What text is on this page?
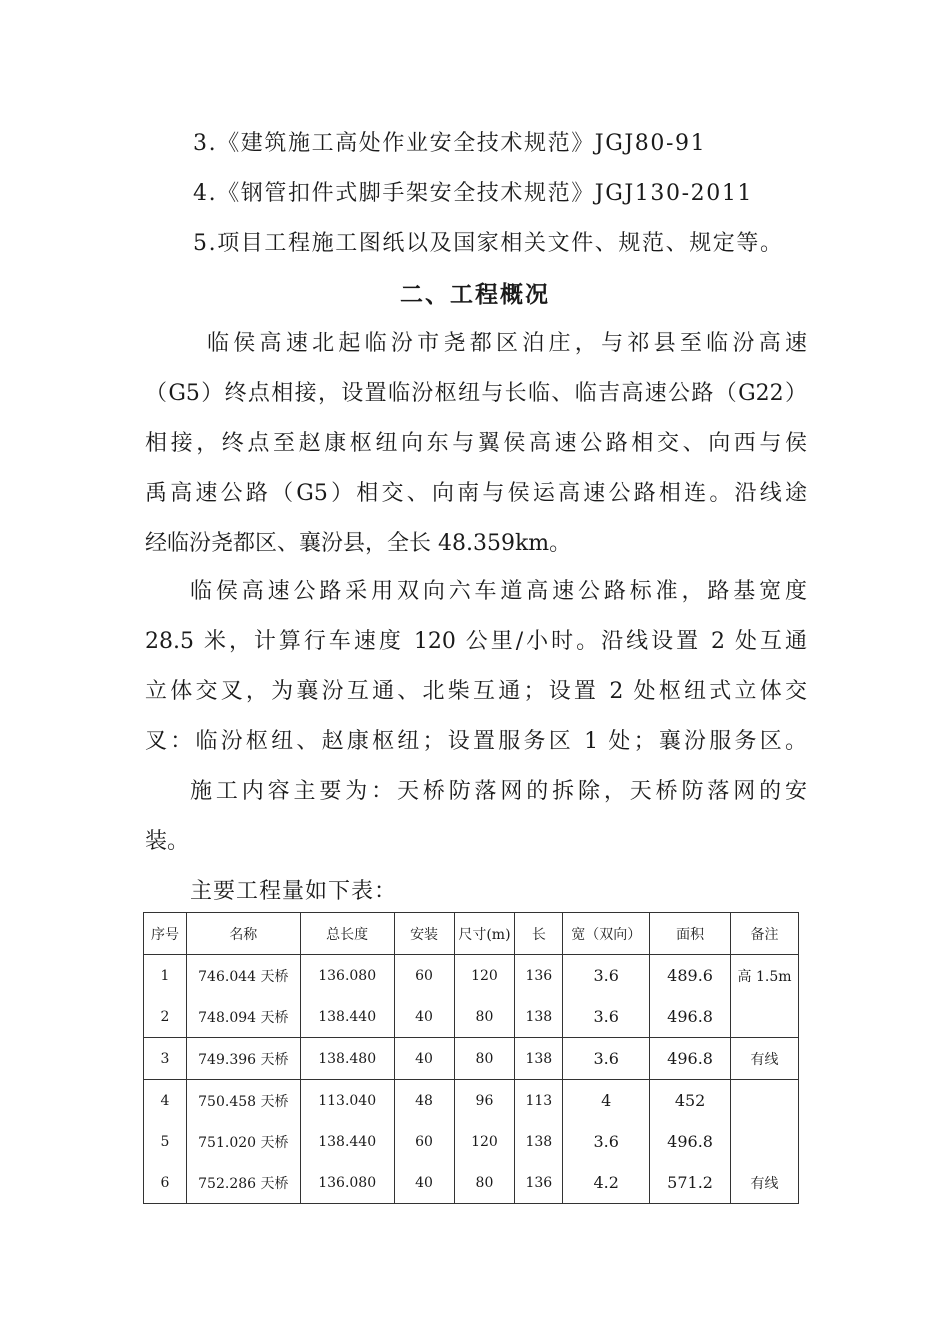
3.《建筑施工高处作业安全技术规范》JGJ80-91
4.《钢管扣件式脚手架安全技术规范》JGJ130-2011
5.项目工程施工图纸以及国家相关文件、规范、规定等。
二、工程概况
临侯高速北起临汾市尧都区泊庄，与祁县至临汾高速
（G5）终点相接，设置临汾枢纽与长临、临吉高速公路（G22）
相接，终点至赵康枢纽向东与翼侯高速公路相交、向西与侯
禹高速公路（G5）相交、向南与侯运高速公路相连。沿线途
经临汾尧都区、襄汾县，全长 48.359km。
临侯高速公路采用双向六车道高速公路标准，路基宽度
28.5 米，计算行车速度 120 公里/小时。沿线设置 2 处互通
立体交叉，为襄汾互通、北柴互通；设置 2 处枢纽式立体交
叉：临汾枢纽、赵康枢纽；设置服务区 1 处；襄汾服务区。
施工内容主要为：天桥防落网的拆除，天桥防落网的安
装。
主要工程量如下表：
序号	名称	总长度	安装	尺寸(m)	长	宽（双向）	面积	备注
1	746.044 天桥	136.080	60	120	136	3.6	489.6	高 1.5m
2	748.094 天桥	138.440	40	80	138	3.6	496.8	
3	749.396 天桥	138.480	40	80	138	3.6	496.8	有线
4	750.458 天桥	113.040	48	96	113	4	452	
5	751.020 天桥	138.440	60	120	138	3.6	496.8	
6	752.286 天桥	136.080	40	80	136	4.2	571.2	有线
